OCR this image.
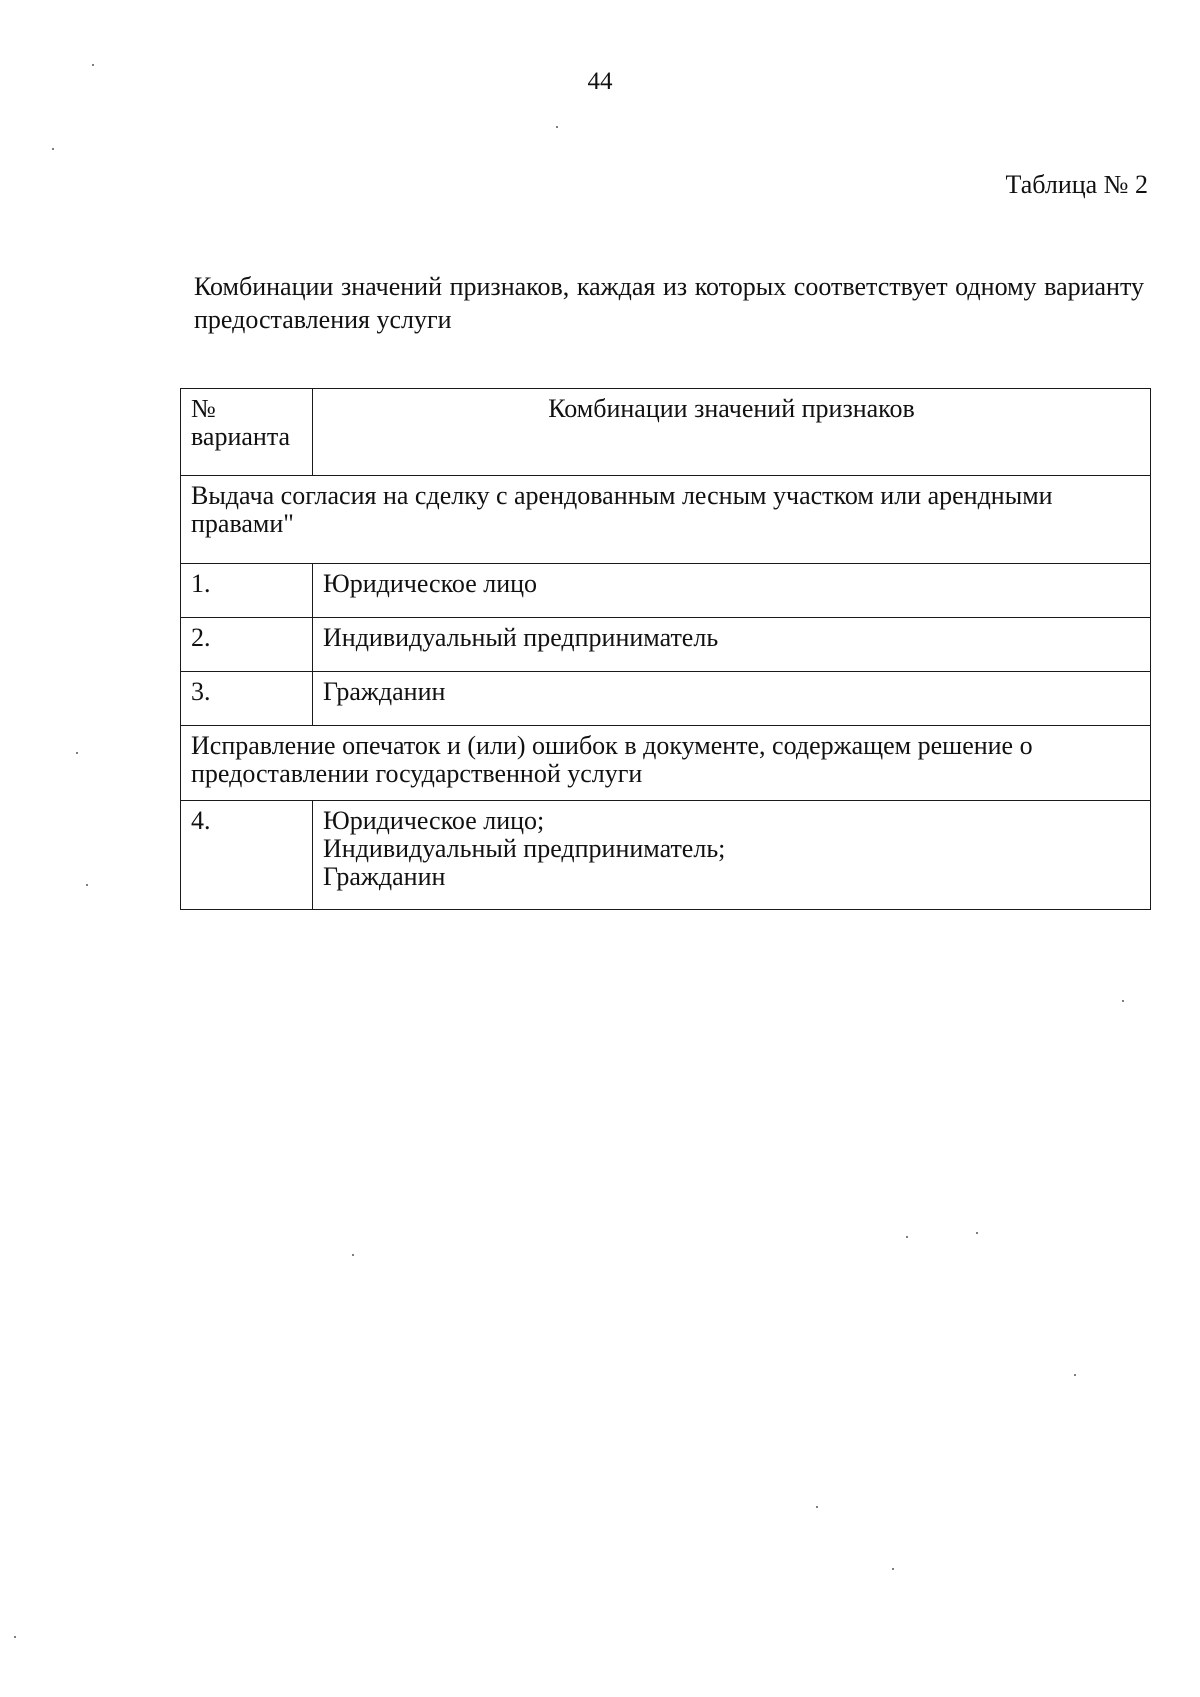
44
Таблица № 2
Комбинации значений признаков, каждая из которых соответствует одному варианту предоставления услуги
№
варианта	Комбинации значений признаков
Выдача согласия на сделку с арендованным лесным участком или арендными правами"	
1.	Юридическое лицо
2.	Индивидуальный предприниматель
3.	Гражданин
Исправление опечаток и (или) ошибок в документе, содержащем решение о предоставлении государственной услуги	
4.	Юридическое лицо;
Индивидуальный предприниматель;
Гражданин
